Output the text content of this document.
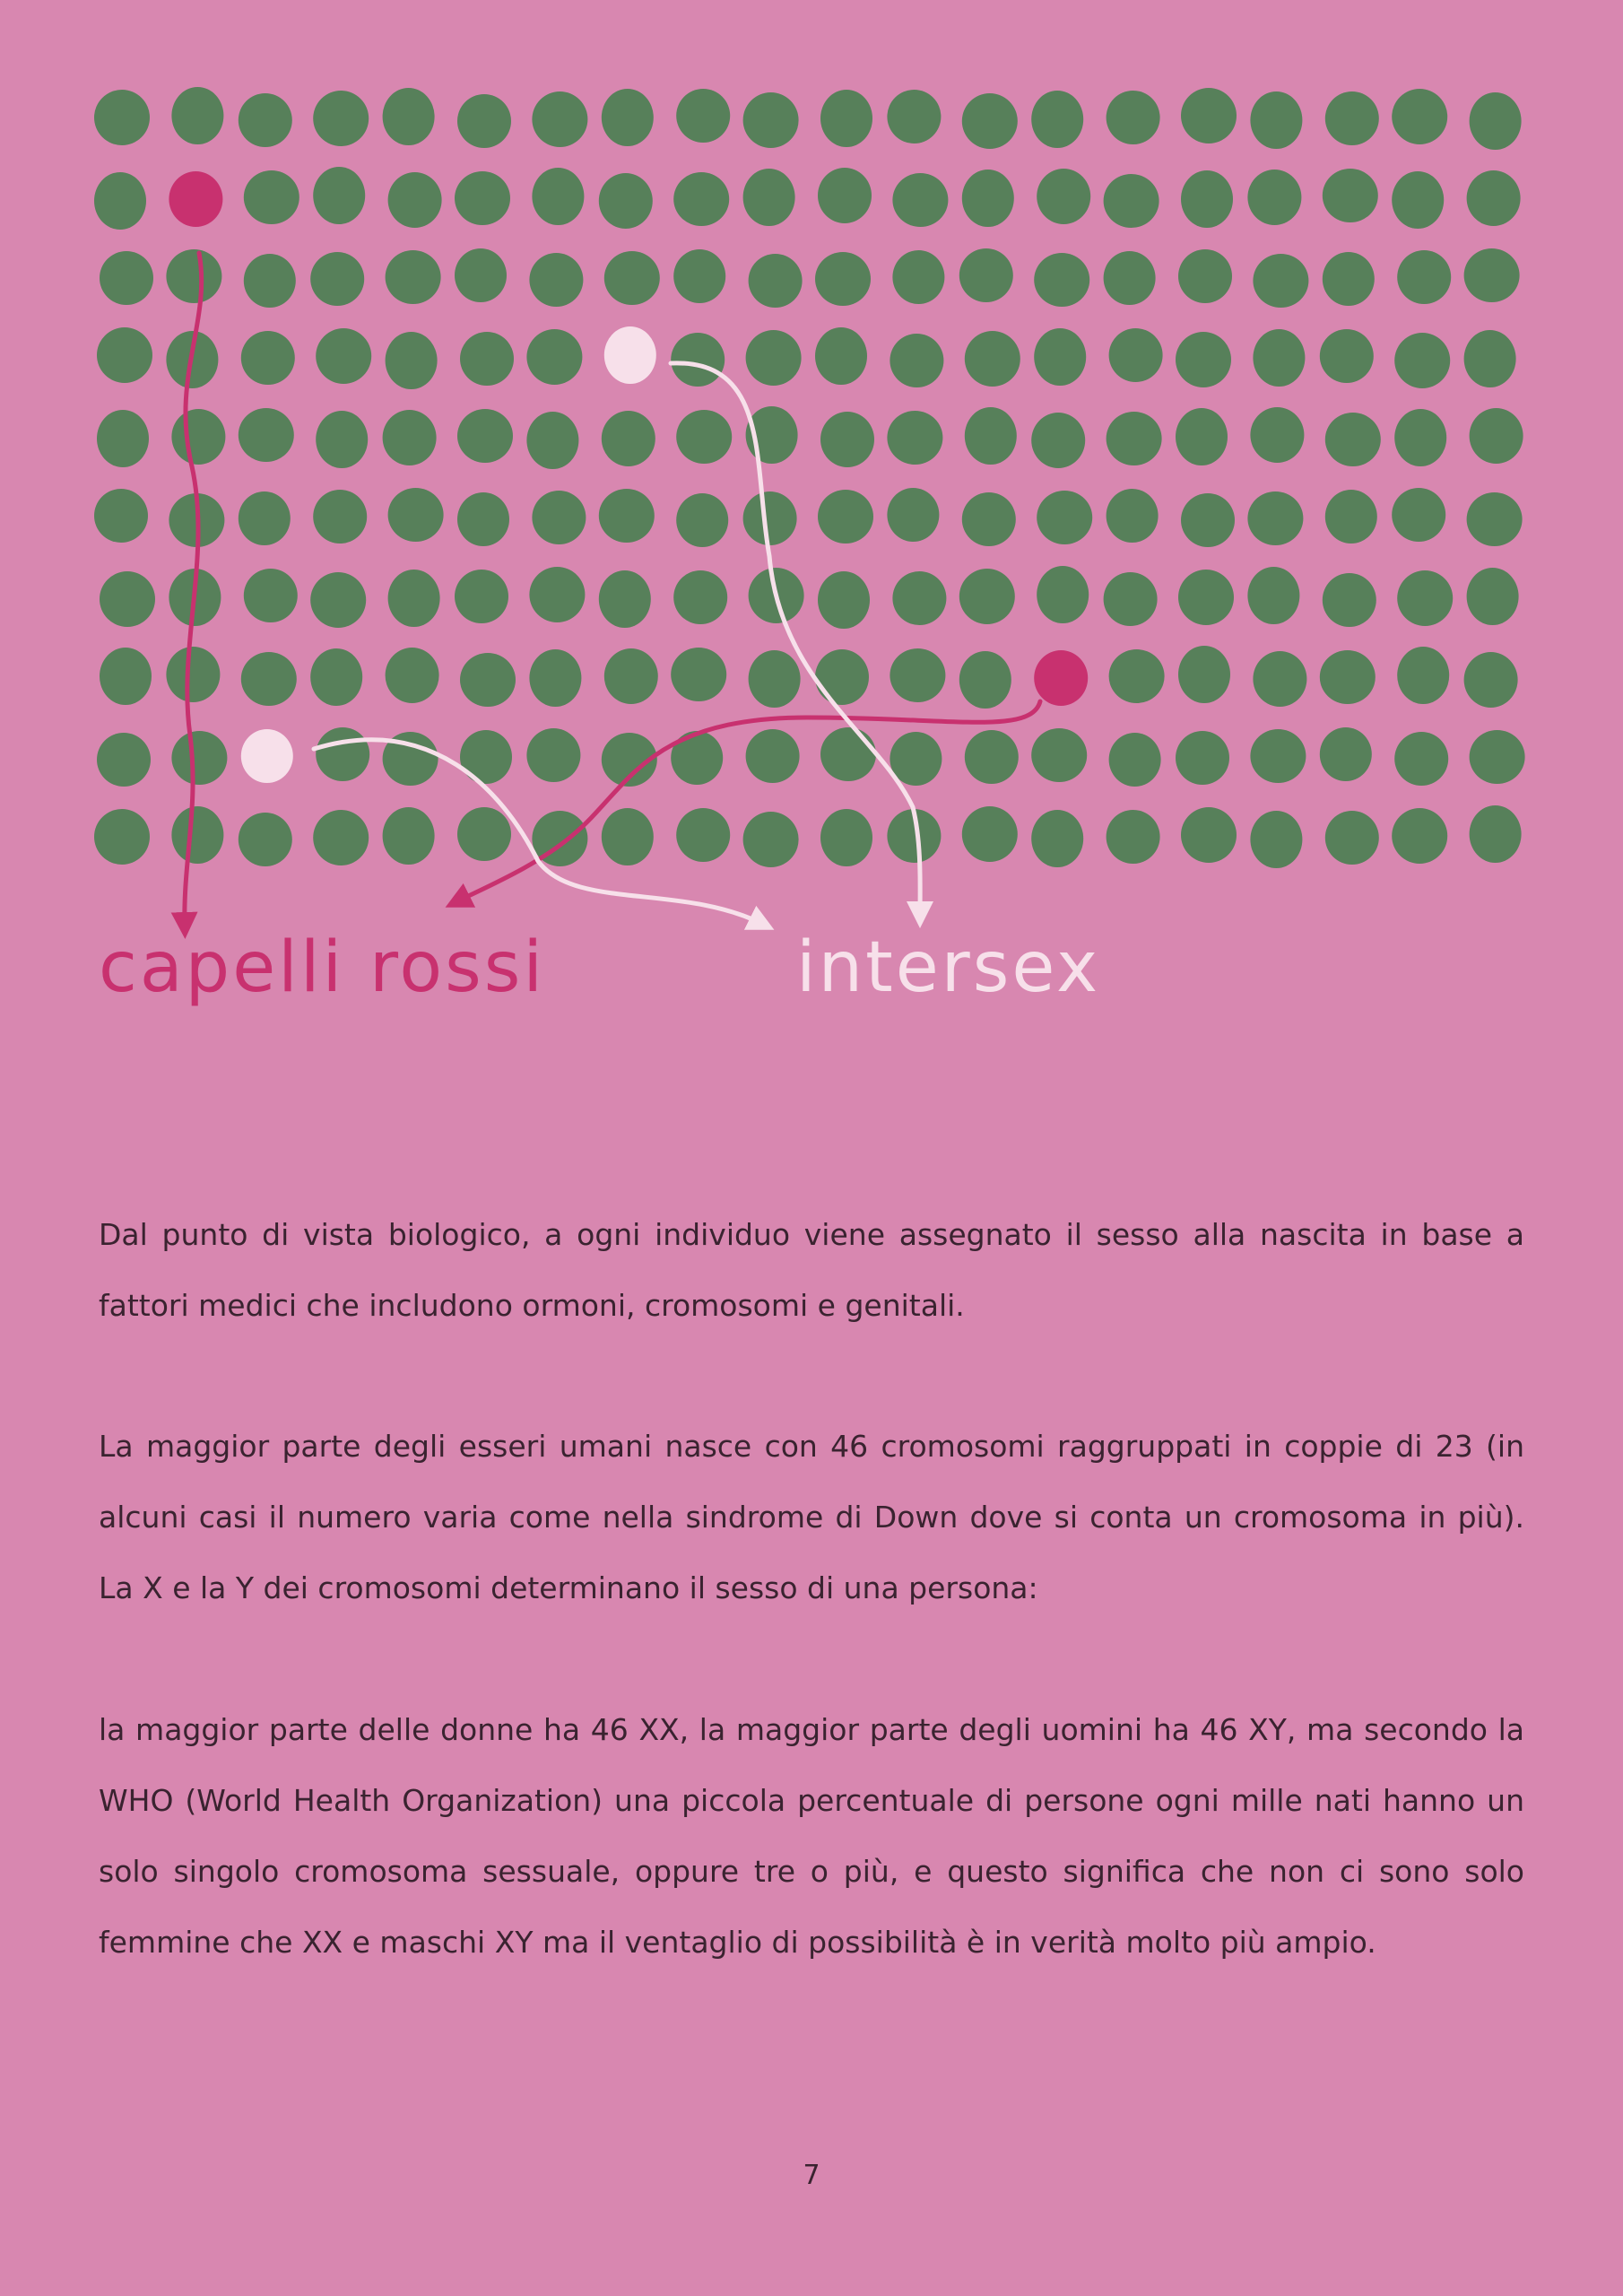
capelli rossi	intersex

Dal punto di vista biologico, a ogni individuo viene assegnato il sesso alla nascita in base a fattori medici che includono ormoni, cromosomi e genitali.

La maggior parte degli esseri umani nasce con 46 cromosomi raggruppati in coppie di 23 (in alcuni casi il numero varia come nella sindrome di Down dove si conta un cromosoma in più). La X e la Y dei cromosomi determinano il sesso di una persona:

la maggior parte delle donne ha 46 XX, la maggior parte degli uomini ha 46 XY, ma secondo la WHO (World Health Organization) una piccola percentuale di persone ogni mille nati hanno un solo singolo cromosoma sessuale, oppure tre o più, e questo significa che non ci sono solo femmine che XX e maschi XY ma il ventaglio di possibilità è in verità molto più ampio.

7
